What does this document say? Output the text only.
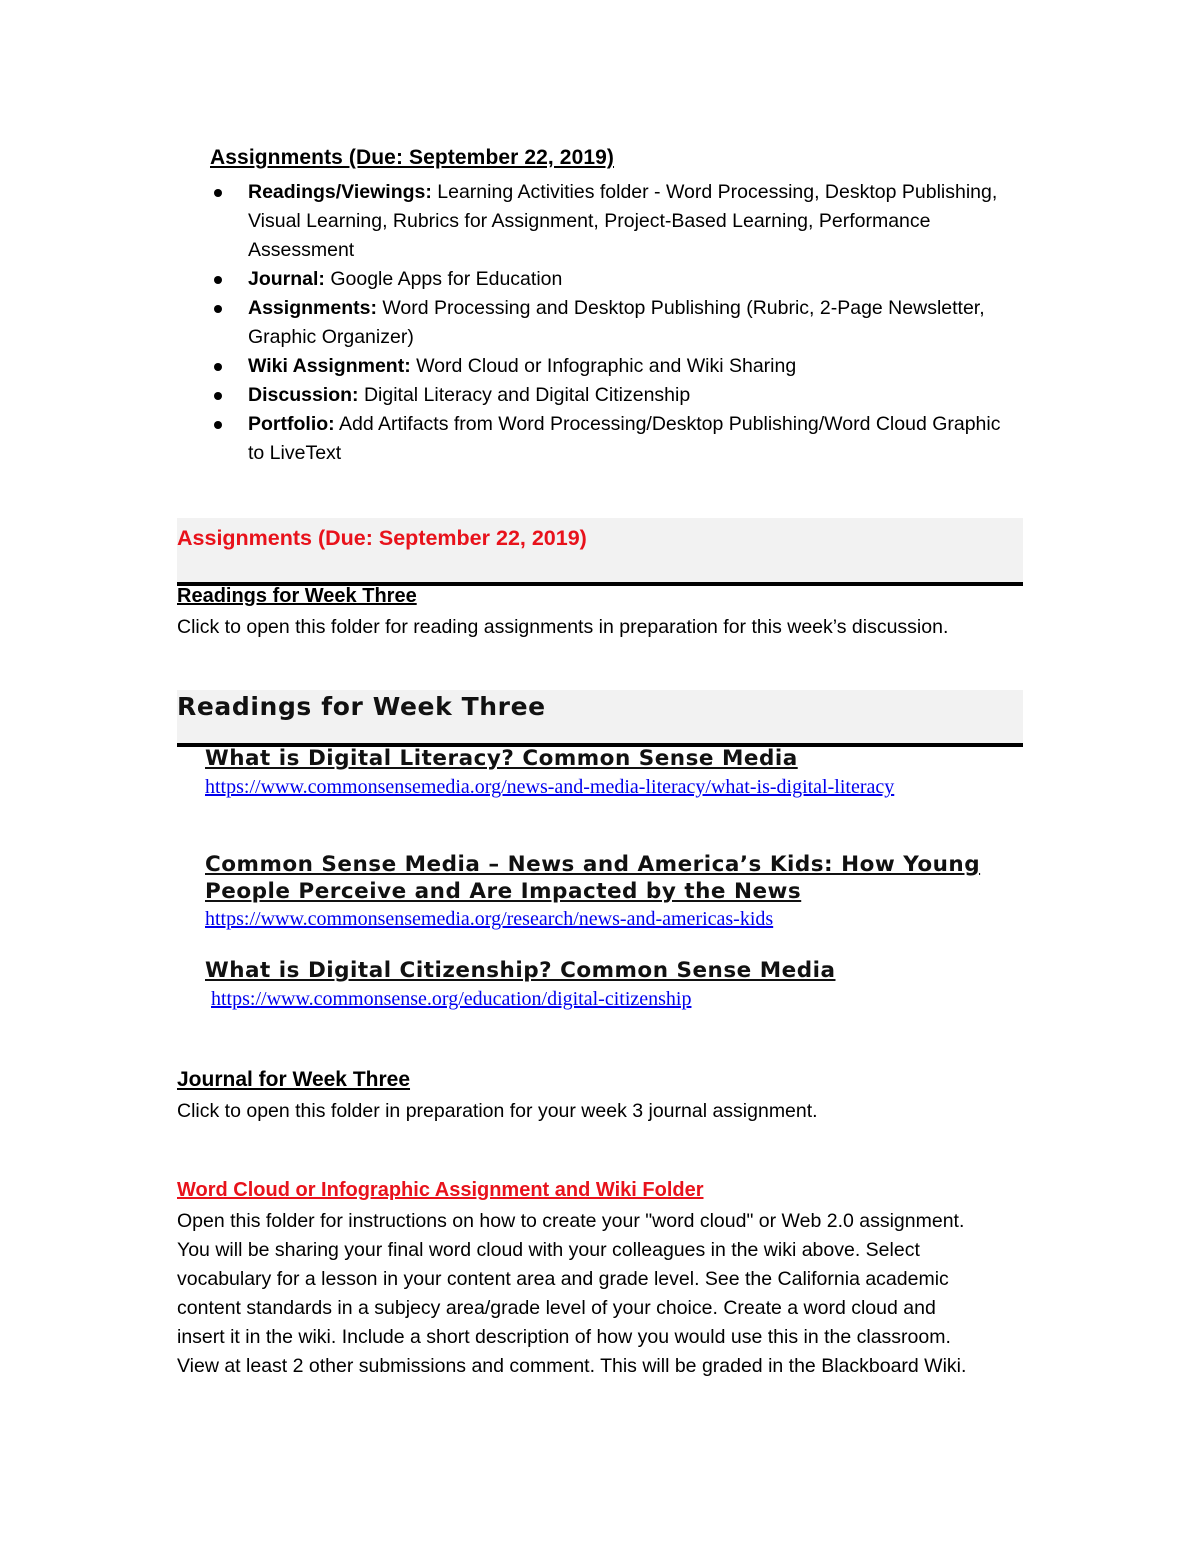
Assignments (Due: September 22, 2019)
Readings/Viewings: Learning Activities folder - Word Processing, Desktop Publishing, Visual Learning, Rubrics for Assignment, Project-Based Learning, Performance Assessment
Journal: Google Apps for Education
Assignments: Word Processing and Desktop Publishing (Rubric, 2-Page Newsletter, Graphic Organizer)
Wiki Assignment: Word Cloud or Infographic and Wiki Sharing
Discussion: Digital Literacy and Digital Citizenship
Portfolio: Add Artifacts from Word Processing/Desktop Publishing/Word Cloud Graphic to LiveText
Assignments (Due: September 22, 2019)
Readings for Week Three
Click to open this folder for reading assignments in preparation for this week’s discussion.
Readings for Week Three
What is Digital Literacy? Common Sense Media
https://www.commonsensemedia.org/news-and-media-literacy/what-is-digital-literacy
Common Sense Media – News and America’s Kids: How Young People Perceive and Are Impacted by the News
https://www.commonsensemedia.org/research/news-and-americas-kids
What is Digital Citizenship? Common Sense Media
https://www.commonsense.org/education/digital-citizenship
Journal for Week Three
Click to open this folder in preparation for your week 3 journal assignment.
Word Cloud or Infographic Assignment and Wiki Folder
Open this folder for instructions on how to create your "word cloud" or Web 2.0 assignment. You will be sharing your final word cloud with your colleagues in the wiki above. Select vocabulary for a lesson in your content area and grade level. See the California academic content standards in a subjecy area/grade level of your choice. Create a word cloud and insert it in the wiki. Include a short description of how you would use this in the classroom. View at least 2 other submissions and comment. This will be graded in the Blackboard Wiki.
